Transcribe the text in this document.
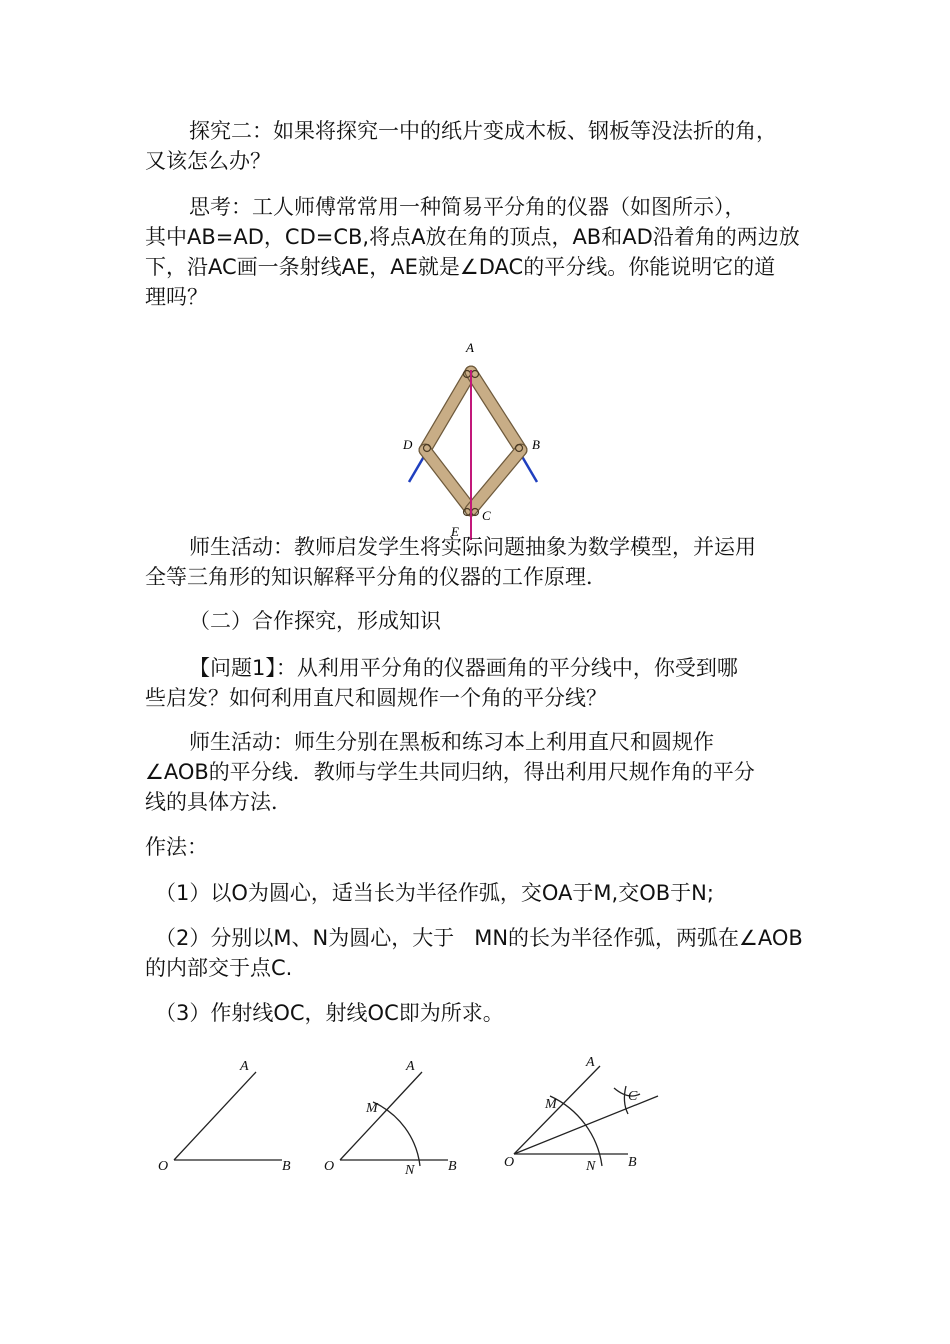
探究二：如果将探究一中的纸片变成木板、钢板等没法折的角，
又该怎么办？

思考：工人师傅常常用一种简易平分角的仪器（如图所示），
其中AB=AD，CD=CB,将点A放在角的顶点，AB和AD沿着角的两边放
下，沿AC画一条射线AE，AE就是∠DAC的平分线。你能说明它的道
理吗？

A
D	B
E
C

师生活动：教师启发学生将实际问题抽象为数学模型，并运用
全等三角形的知识解释平分角的仪器的工作原理．

（二）合作探究，形成知识

【问题1】：从利用平分角的仪器画角的平分线中，你受到哪
些启发？如何利用直尺和圆规作一个角的平分线？

师生活动：师生分别在黑板和练习本上利用直尺和圆规作
∠AOB的平分线．教师与学生共同归纳，得出利用尺规作角的平分
线的具体方法．

作法：

（1）以O为圆心，适当长为半径作弧，交OA于M,交OB于N;

（2）分别以M、N为圆心，大于   MN的长为半径作弧，两弧在∠AOB
的内部交于点C.

（3）作射线OC，射线OC即为所求。

A
O	B
A
M
O	N B
A
M
C
O	N B
